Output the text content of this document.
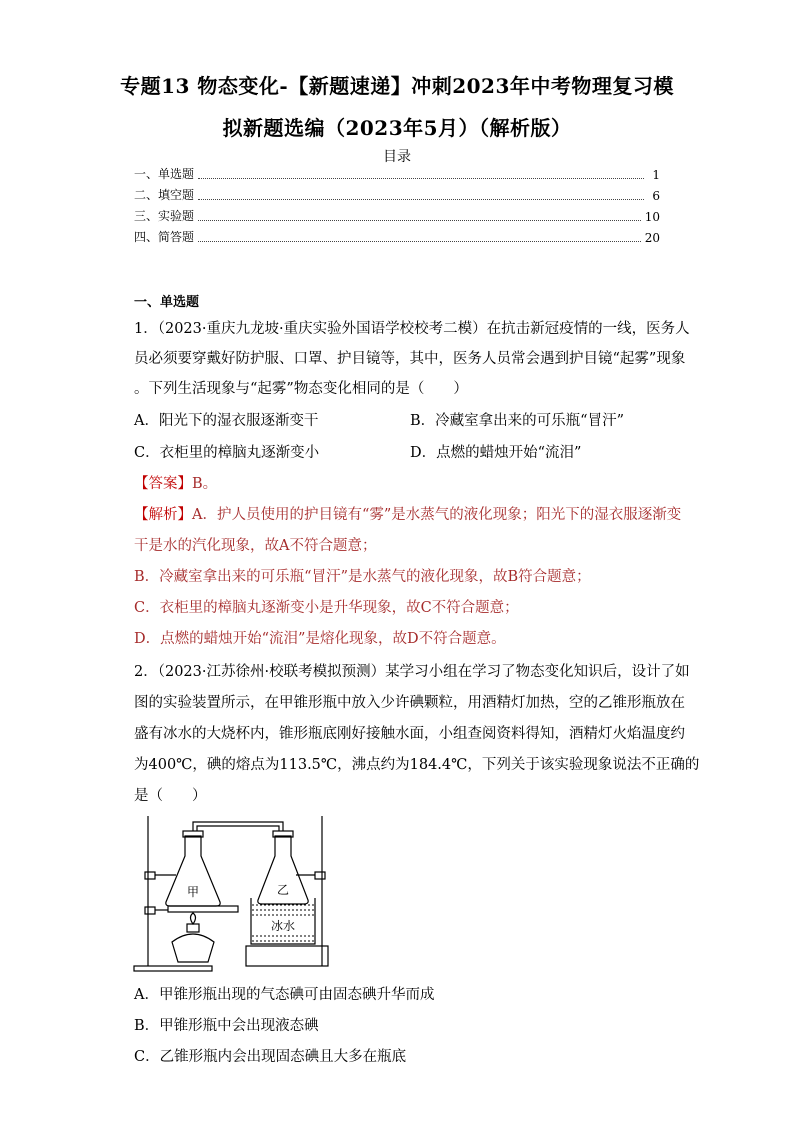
专题13 物态变化-【新题速递】冲刺2023年中考物理复习模
拟新题选编（2023年5月）（解析版）
目录
一、单选题	1
二、填空题	6
三、实验题	10
四、简答题	20
一、单选题
1．（2023·重庆九龙坡·重庆实验外国语学校校考二模）在抗击新冠疫情的一线，医务人
员必须要穿戴好防护服、口罩、护目镜等，其中，医务人员常会遇到护目镜“起雾”现象
。下列生活现象与“起雾”物态变化相同的是（　　）
A．阳光下的湿衣服逐渐变干	B．冷藏室拿出来的可乐瓶“冒汗”
C．衣柜里的樟脑丸逐渐变小	D．点燃的蜡烛开始“流泪”
【答案】B。
【解析】A．护人员使用的护目镜有“雾”是水蒸气的液化现象；阳光下的湿衣服逐渐变
干是水的汽化现象，故A不符合题意；
B．冷藏室拿出来的可乐瓶“冒汗”是水蒸气的液化现象，故B符合题意；
C．衣柜里的樟脑丸逐渐变小是升华现象，故C不符合题意；
D．点燃的蜡烛开始“流泪”是熔化现象，故D不符合题意。
2．（2023·江苏徐州·校联考模拟预测）某学习小组在学习了物态变化知识后，设计了如
图的实验装置所示，在甲锥形瓶中放入少许碘颗粒，用酒精灯加热，空的乙锥形瓶放在
盛有冰水的大烧杯内，锥形瓶底刚好接触水面，小组查阅资料得知，酒精灯火焰温度约
为400℃，碘的熔点为113.5℃，沸点约为184.4℃，下列关于该实验现象说法不正确的
是（　　）
甲	乙
冰水
A．甲锥形瓶出现的气态碘可由固态碘升华而成
B．甲锥形瓶中会出现液态碘
C．乙锥形瓶内会出现固态碘且大多在瓶底
